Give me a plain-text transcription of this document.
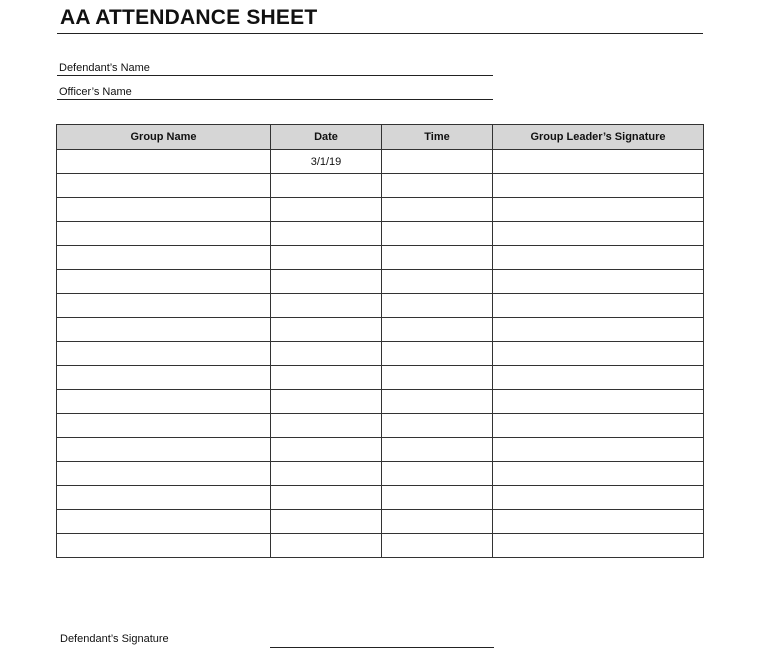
AA ATTENDANCE SHEET
Defendant’s Name
Officer’s Name
Group Name	Date	Time	Group Leader’s Signature
	3/1/19		

Defendant’s Signature
